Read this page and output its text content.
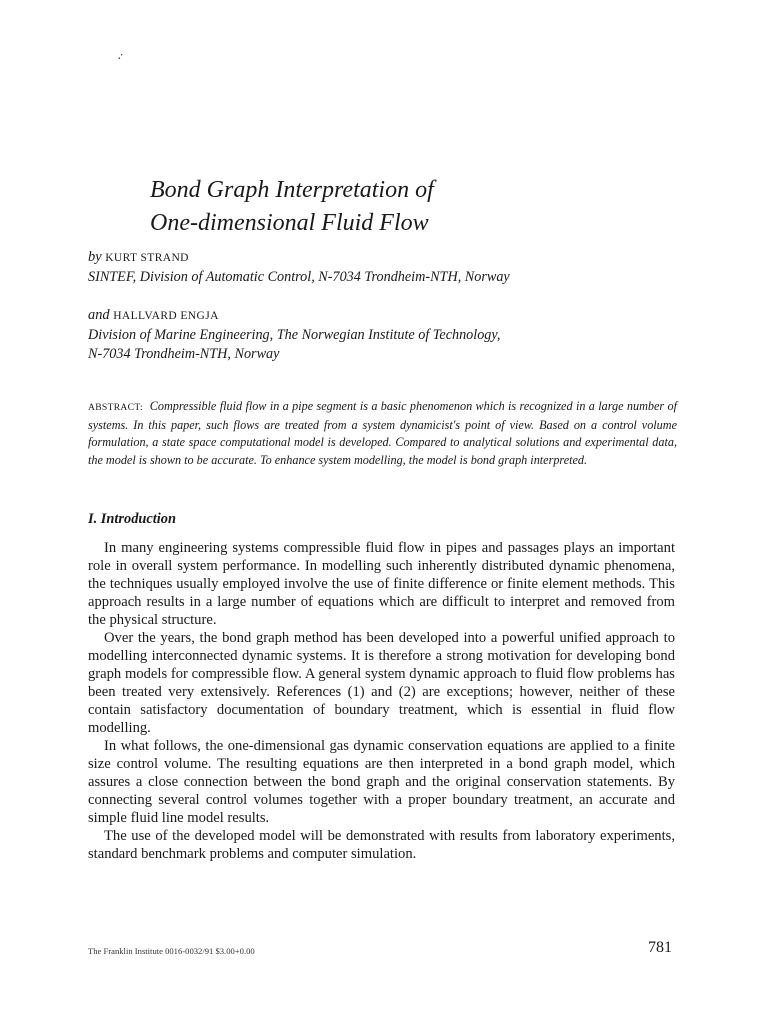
·̇
Bond Graph Interpretation of
One-dimensional Fluid Flow
by KURT STRAND
SINTEF, Division of Automatic Control, N-7034 Trondheim-NTH, Norway
and HALLVARD ENGJA
Division of Marine Engineering, The Norwegian Institute of Technology,
N-7034 Trondheim-NTH, Norway
ABSTRACT: Compressible fluid flow in a pipe segment is a basic phenomenon which is recognized in a large number of systems. In this paper, such flows are treated from a system dynamicist's point of view. Based on a control volume formulation, a state space computational model is developed. Compared to analytical solutions and experimental data, the model is shown to be accurate. To enhance system modelling, the model is bond graph interpreted.
I. Introduction

In many engineering systems compressible fluid flow in pipes and passages plays an important role in overall system performance. In modelling such inherently distributed dynamic phenomena, the techniques usually employed involve the use of finite difference or finite element methods. This approach results in a large number of equations which are difficult to interpret and removed from the physical structure.

Over the years, the bond graph method has been developed into a powerful unified approach to modelling interconnected dynamic systems. It is therefore a strong motivation for developing bond graph models for compressible flow. A general system dynamic approach to fluid flow problems has been treated very extensively. References (1) and (2) are exceptions; however, neither of these contain satisfactory documentation of boundary treatment, which is essential in fluid flow modelling.

In what follows, the one-dimensional gas dynamic conservation equations are applied to a finite size control volume. The resulting equations are then interpreted in a bond graph model, which assures a close connection between the bond graph and the original conservation statements. By connecting several control volumes together with a proper boundary treatment, an accurate and simple fluid line model results.

The use of the developed model will be demonstrated with results from laboratory experiments, standard benchmark problems and computer simulation.

The Franklin Institute 0016-0032/91 $3.00+0.00	781
